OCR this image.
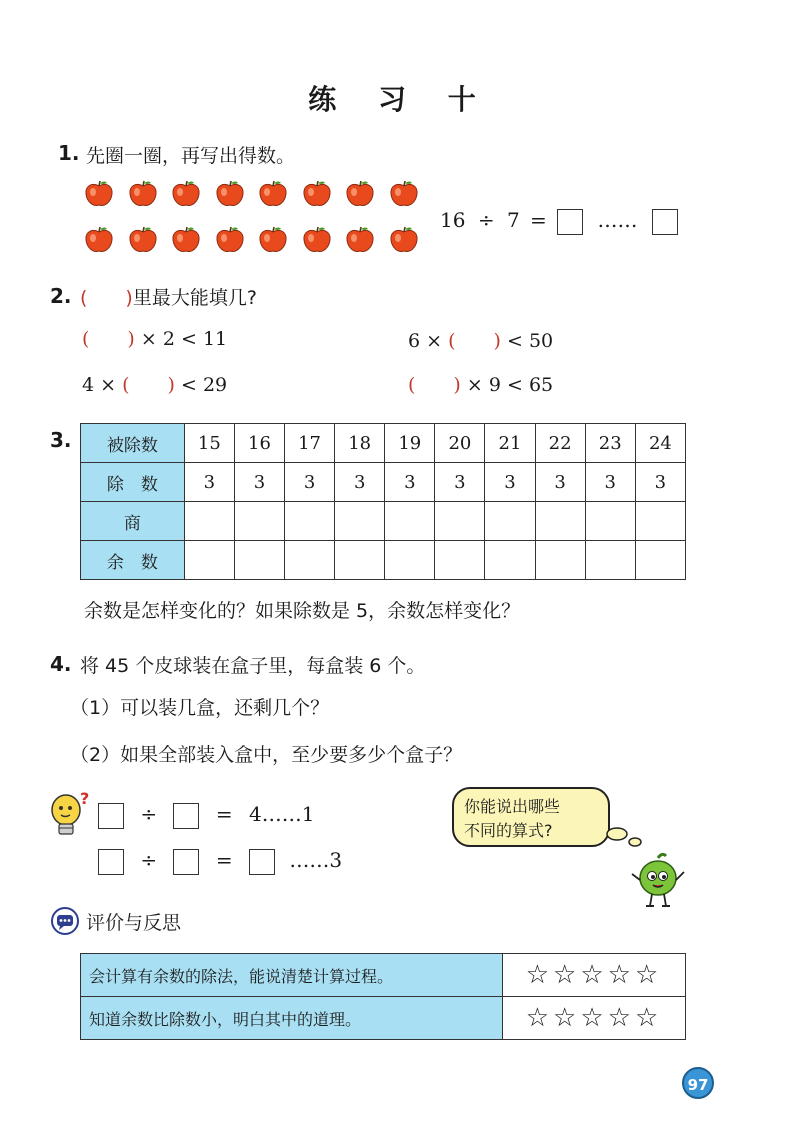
练 习 十
1. 先圈一圈，再写出得数。
16 ÷ 7 =	……
2. ( )里最大能填几?
( ) × 2 < 11	6 × ( ) < 50
4 × ( ) < 29	( ) × 9 < 65
3. 被除数	15	16	17	18	19	20	21	22	23	24
除　数	3	3	3	3	3	3	3	3	3	3
商										
余　数										
余数是怎样变化的？如果除数是 5，余数怎样变化？
4. 将 45 个皮球装在盒子里，每盒装 6 个。
（1）可以装几盒，还剩几个？
（2）如果全部装入盒中，至少要多少个盒子？
?
÷	= 4……1
÷	=	……3
你能说出哪些
不同的算式?
评价与反思
会计算有余数的除法，能说清楚计算过程。	☆☆☆☆☆
知道余数比除数小，明白其中的道理。	☆☆☆☆☆
97
